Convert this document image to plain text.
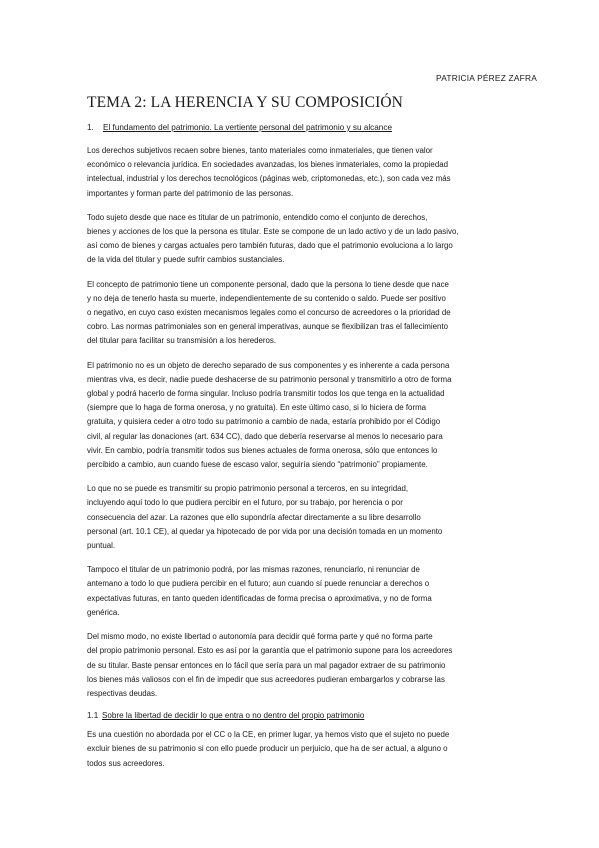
PATRICIA PÉREZ ZAFRA
TEMA 2: LA HERENCIA Y SU COMPOSICIÓN
1.	El fundamento del patrimonio. La vertiente personal del patrimonio y su alcance

Los derechos subjetivos recaen sobre bienes, tanto materiales como inmateriales, que tienen valor
económico o relevancia jurídica. En sociedades avanzadas, los bienes inmateriales, como la propiedad
intelectual, industrial y los derechos tecnológicos (páginas web, criptomonedas, etc.), son cada vez más
importantes y forman parte del patrimonio de las personas.

Todo sujeto desde que nace es titular de un patrimonio, entendido como el conjunto de derechos,
bienes y acciones de los que la persona es titular. Este se compone de un lado activo y de un lado pasivo,
así como de bienes y cargas actuales pero también futuras, dado que el patrimonio evoluciona a lo largo
de la vida del titular y puede sufrir cambios sustanciales.

El concepto de patrimonio tiene un componente personal, dado que la persona lo tiene desde que nace
y no deja de tenerlo hasta su muerte, independientemente de su contenido o saldo. Puede ser positivo
o negativo, en cuyo caso existen mecanismos legales como el concurso de acreedores o la prioridad de
cobro. Las normas patrimoniales son en general imperativas, aunque se flexibilizan tras el fallecimiento
del titular para facilitar su transmisión a los herederos.

El patrimonio no es un objeto de derecho separado de sus componentes y es inherente a cada persona
mientras viva, es decir, nadie puede deshacerse de su patrimonio personal y transmitirlo a otro de forma
global y podrá hacerlo de forma singular. Incluso podría transmitir todos los que tenga en la actualidad
(siempre que lo haga de forma onerosa, y no gratuita). En este último caso, si lo hiciera de forma
gratuita, y quisiera ceder a otro todo su patrimonio a cambio de nada, estaría prohibido por el Código
civil, al regular las donaciones (art. 634 CC), dado que debería reservarse al menos lo necesario para
vivir. En cambio, podría transmitir todos sus bienes actuales de forma onerosa, sólo que entonces lo
percibido a cambio, aun cuando fuese de escaso valor, seguiría siendo “patrimonio” propiamente.

Lo que no se puede es transmitir su propio patrimonio personal a terceros, en su integridad,
incluyendo aquí todo lo que pudiera percibir en el futuro, por su trabajo, por herencia o por
consecuencia del azar. La razones que ello supondría afectar directamente a su libre desarrollo
personal (art. 10.1 CE), al quedar ya hipotecado de por vida por una decisión tomada en un momento
puntual.

Tampoco el titular de un patrimonio podrá, por las mismas razones, renunciarlo, ni renunciar de
antemano a todo lo que pudiera percibir en el futuro; aun cuando sí puede renunciar a derechos o
expectativas futuras, en tanto queden identificadas de forma precisa o aproximativa, y no de forma
genérica.

Del mismo modo, no existe libertad o autonomía para decidir qué forma parte y qué no forma parte
del propio patrimonio personal. Esto es así por la garantía que el patrimonio supone para los acreedores
de su titular. Baste pensar entonces en lo fácil que sería para un mal pagador extraer de su patrimonio
los bienes más valiosos con el fin de impedir que sus acreedores pudieran embargarlos y cobrarse las
respectivas deudas.

1.1 Sobre la libertad de decidir lo que entra o no dentro del propio patrimonio

Es una cuestión no abordada por el CC o la CE, en primer lugar, ya hemos visto que el sujeto no puede
excluir bienes de su patrimonio si con ello puede producir un perjuicio, que ha de ser actual, a alguno o
todos sus acreedores.
